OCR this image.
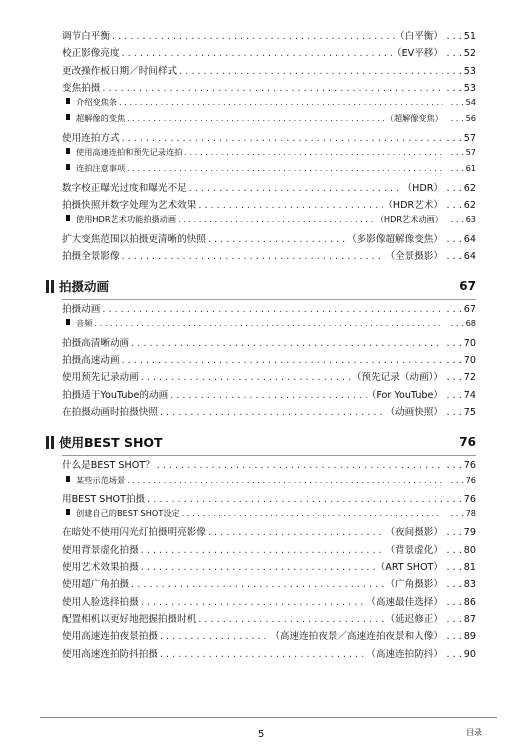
调节白平衡 . . .	（白平衡） . . . 51
校正影像亮度 . . .	（EV平移） . . . 52
更改操作板日期／时间样式 . . .	. . . 53
变焦拍摄 . . .	. . . 53
介绍变焦条 . . .	. . . 54
超解像的变焦 . . .	（超解像变焦） . . . 56
使用连拍方式 . . .	. . . 57
使用高速连拍和预先记录连拍 . . .	. . . 57
连拍注意事项 . . .	. . . 61
数字校正曝光过度和曝光不足 . . .	（HDR） . . . 62
拍摄快照并数字处理为艺术效果 . . .	（HDR艺术） . . . 62
使用HDR艺术功能拍摄动画 . . .	（HDR艺术动画） . . . 63
扩大变焦范围以拍摄更清晰的快照 . . .	（多影像超解像变焦） . . . 64
拍摄全景影像 . . .	（全景摄影） . . . 64
拍摄动画	67
拍摄动画 . . .	. . . 67
音频 . . .	. . . 68
拍摄高清晰动画 . . .	. . . 70
拍摄高速动画 . . .	. . . 70
使用预先记录动画 . . .	（预先记录（动画）） . . . 72
拍摄适于YouTube的动画 . . .	（For YouTube） . . . 74
在拍摄动画时拍摄快照 . . .	（动画快照） . . . 75
使用BEST SHOT	76
什么是BEST SHOT？ . . .	. . . 76
某些示范场景 . . .	. . . 76
用BEST SHOT拍摄 . . .	. . . 76
创建自己的BEST SHOT设定 . . .	. . . 78
在暗处不使用闪光灯拍摄明亮影像 . . .	（夜间摄影） . . . 79
使用背景虚化拍摄 . . .	（背景虚化） . . . 80
使用艺术效果拍摄 . . .	（ART SHOT） . . . 81
使用超广角拍摄 . . .	（广角摄影） . . . 83
使用人脸选择拍摄 . . .	（高速最佳选择） . . . 86
配置相机以更好地把握拍摄时机 . . .	（延迟修正） . . . 87
使用高速连拍夜景拍摄 . . .	（高速连拍夜景／高速连拍夜景和人像） . . . 89
使用高速连拍防抖拍摄 . . .	（高速连拍防抖） . . . 90
5	目录
